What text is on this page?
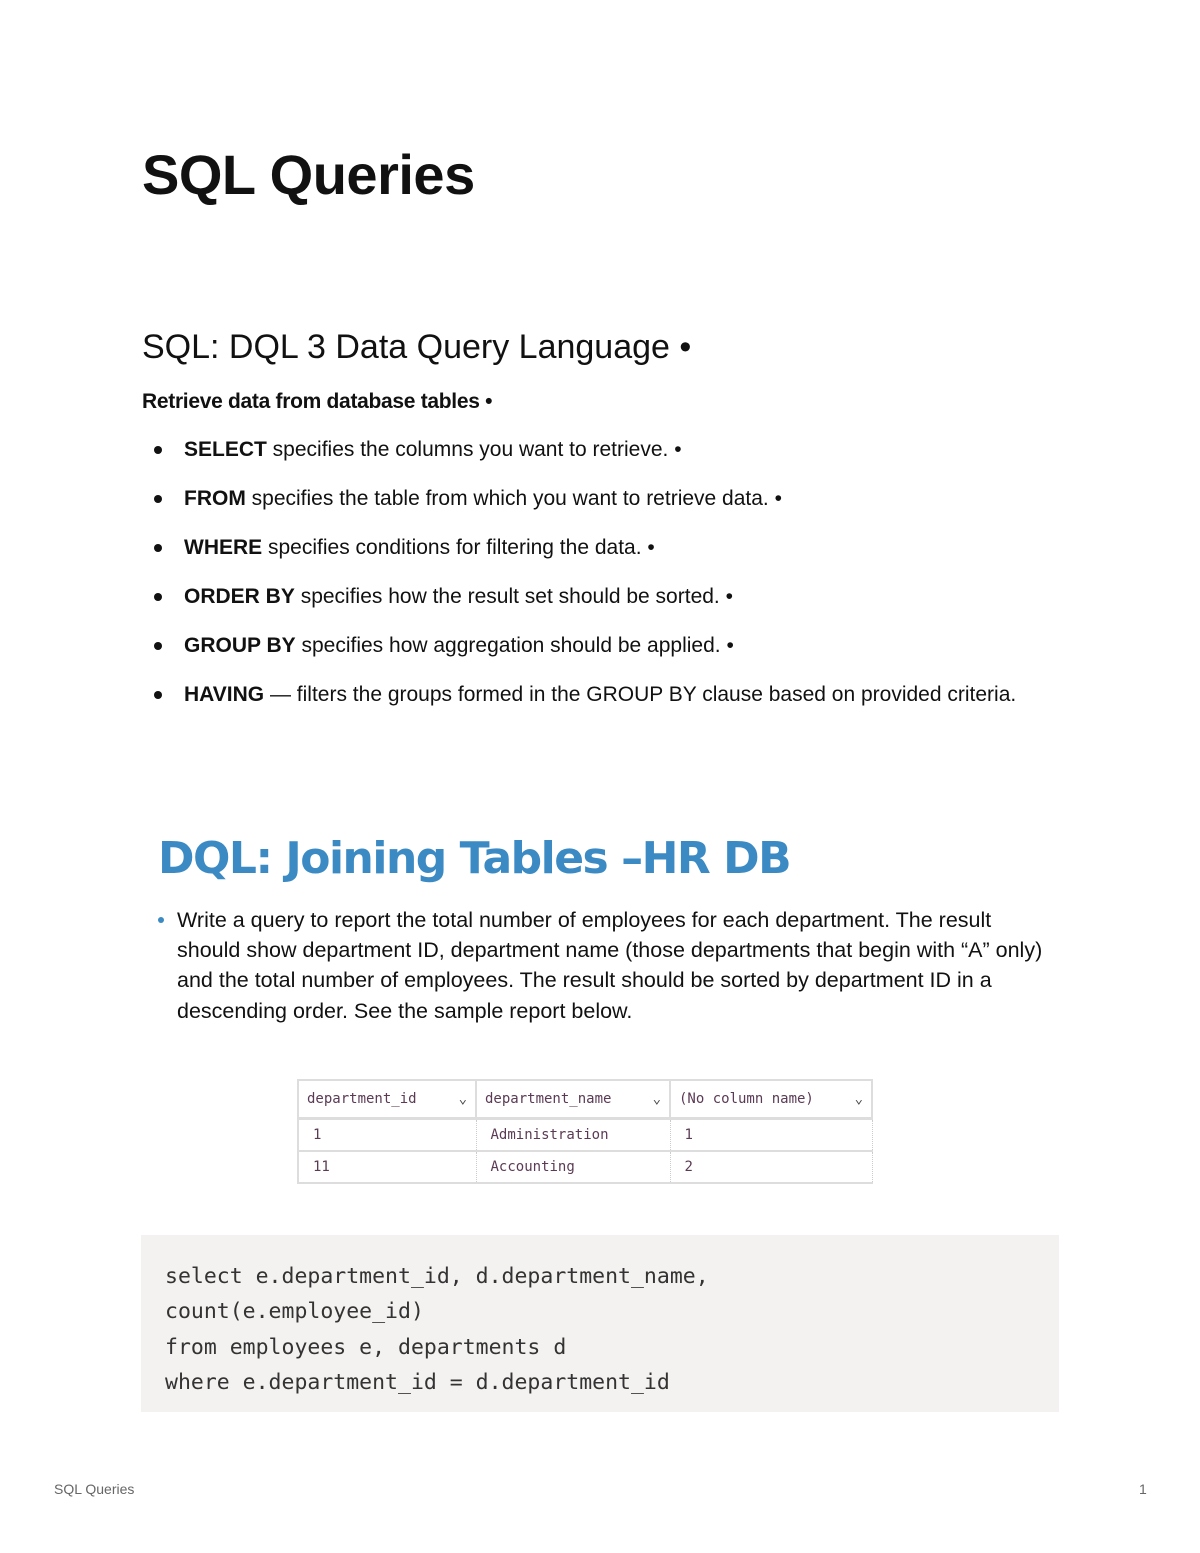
SQL Queries
SQL: DQL 3 Data Query Language •

Retrieve data from database tables •

SELECT specifies the columns you want to retrieve. •
FROM specifies the table from which you want to retrieve data. •
WHERE specifies conditions for filtering the data. •
ORDER BY specifies how the result set should be sorted. •
GROUP BY specifies how aggregation should be applied. •
HAVING — filters the groups formed in the GROUP BY clause based on provided criteria.
DQL: Joining Tables –HR DB
Write a query to report the total number of employees for each department. The result should show department ID, department name (those departments that begin with “A” only) and the total number of employees. The result should be sorted by department ID in a descending order. See the sample report below.
department_id ⌄	department_name ⌄	(No column name) ⌄

1	Administration	1
11	Accounting	2
select e.department_id, d.department_name,
count(e.employee_id)
from employees e, departments d
where e.department_id = d.department_id
SQL Queries	1
